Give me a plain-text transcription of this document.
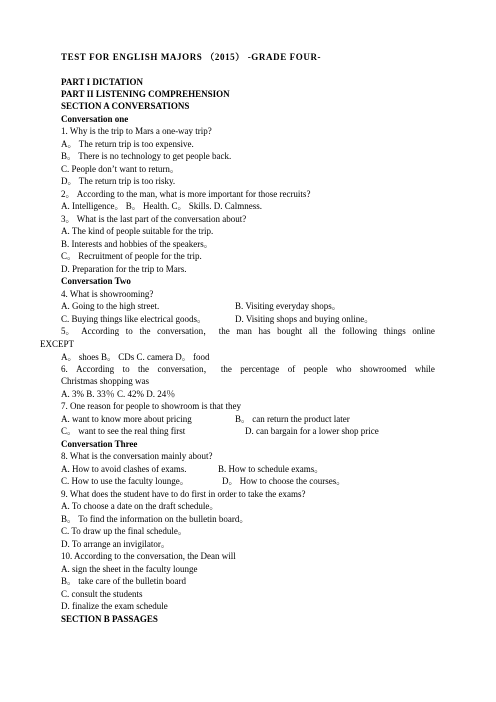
TEST FOR ENGLISH MAJORS （2015） -GRADE FOUR-
PART I DICTATION
PART II LISTENING COMPREHENSION
SECTION A CONVERSATIONS
Conversation one
1. Why is the trip to Mars a one-way trip?
A。 The return trip is too expensive.
B。 There is no technology to get people back.
C. People don’t want to return。
D。 The return trip is too risky.
2。 According to the man, what is more important for those recruits?
A. Intelligence。 B。 Health. C。 Skills. D. Calmness.
3。 What is the last part of the conversation about?
A. The kind of people suitable for the trip.
B. Interests and hobbies of the speakers。
C。 Recruitment of people for the trip.
D. Preparation for the trip to Mars.
Conversation Two
4. What is showrooming?
A. Going to the high street.	B. Visiting everyday shops。
C. Buying things like electrical goods。	D. Visiting shops and buying online。
5。 According to the conversation， the man has bought all the following things online
EXCEPT
A。 shoes B。 CDs C. camera D。 food
6. According to the conversation， the percentage of people who showroomed while
Christmas shopping was
A. 3% B. 33％ C. 42% D. 24％
7. One reason for people to showroom is that they
A. want to know more about pricing	B。 can return the product later
C。 want to see the real thing first	D. can bargain for a lower shop price
Conversation Three
8. What is the conversation mainly about?
A. How to avoid clashes of exams.	B. How to schedule exams。
C. How to use the faculty lounge。	D。 How to choose the courses。
9. What does the student have to do first in order to take the exams?
A. To choose a date on the draft schedule。
B。 To find the information on the bulletin board。
C. To draw up the final schedule。
D. To arrange an invigilator。
10. According to the conversation, the Dean will
A. sign the sheet in the faculty lounge
B。 take care of the bulletin board
C. consult the students
D. finalize the exam schedule
SECTION B PASSAGES
